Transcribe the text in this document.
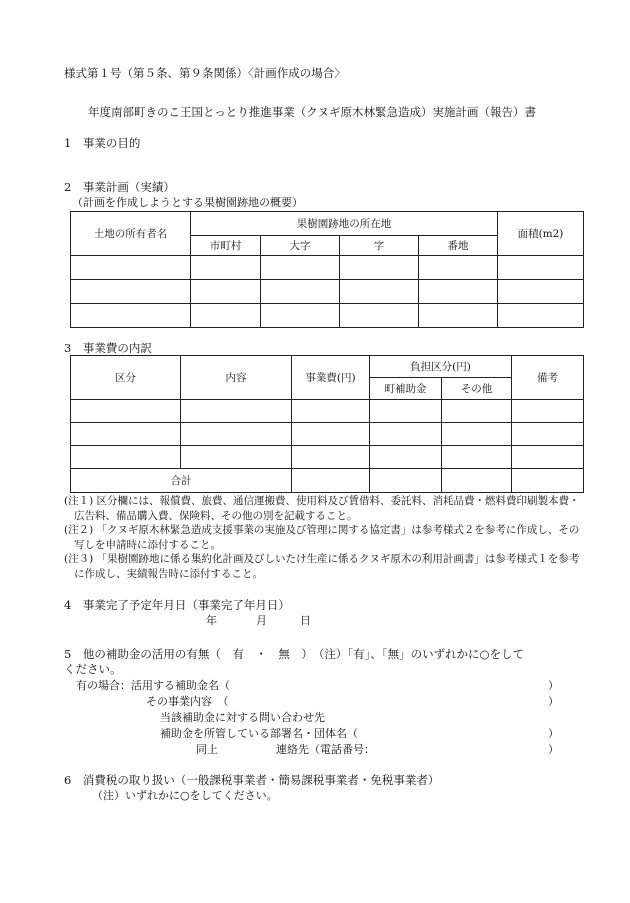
様式第１号（第５条、第９条関係）〈計画作成の場合〉
年度南部町きのこ王国とっとり推進事業（クヌギ原木林緊急造成）実施計画（報告）書
1　事業の目的
2　事業計画（実績）
（計画を作成しようとする果樹園跡地の概要）
土地の所有者名	果樹園跡地の所在地				面積(m2)
	市町村	大字	字	番地	

3　事業費の内訳
区分	内容	事業費(円)	負担区分(円)		備考
			町補助金	その他	

合計					

(注１) 区分欄には、報償費、旅費、通信運搬費、使用料及び賃借料、委託料、消耗品費・燃料費印刷製本費・広告料、備品購入費、保険料、その他の別を記載すること。

(注２) 「クヌギ原木林緊急造成支援事業の実施及び管理に関する協定書」は参考様式２を参考に作成し、その写しを申請時に添付すること。

(注３) 「果樹園跡地に係る集約化計画及びしいたけ生産に係るクヌギ原木の利用計画書」は参考様式１を参考に作成し、実績報告時に添付すること。

4　事業完了予定年月日（事業完了年月日）
年	月	日
5　他の補助金の活用の有無（　有　・　無　）　（注）「有」、「無」のいずれかに○をして
ください。
有の場合：活用する補助金名（	）
その事業内容　（	）
当該補助金に対する問い合わせ先
補助金を所管している部署名・団体名（	）
同上	連絡先（電話番号：	）
6　消費税の取り扱い（一般課税事業者・簡易課税事業者・免税事業者）
（注）いずれかに○をしてください。
